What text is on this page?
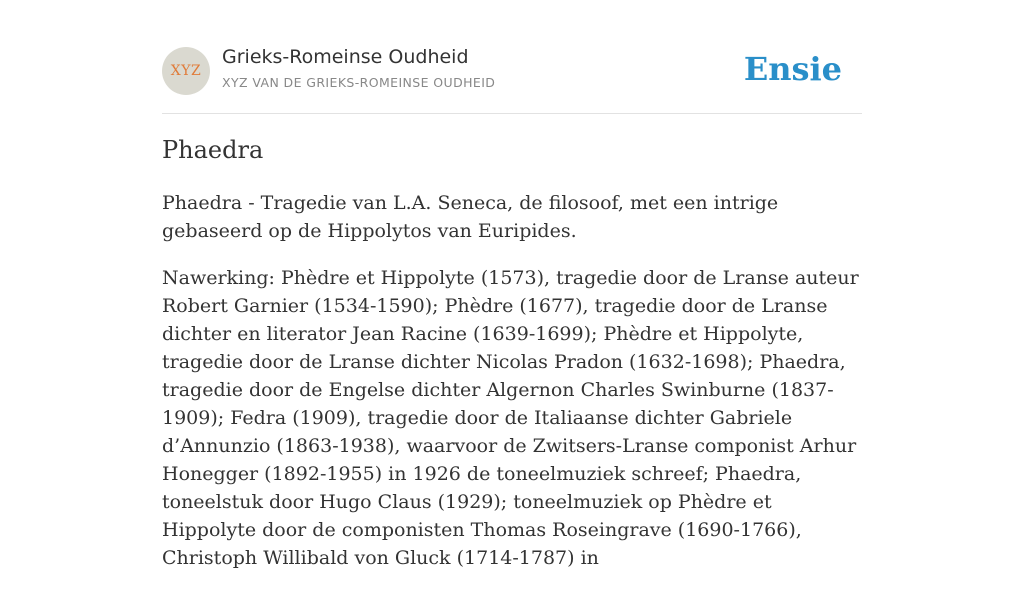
XYZ
Grieks-Romeinse Oudheid
XYZ VAN DE GRIEKS-ROMEINSE OUDHEID	Ensie
Phaedra

Phaedra - Tragedie van L.A. Seneca, de filosoof, met een intrige gebaseerd op de Hippolytos van Euripides.

Nawerking: Phèdre et Hippolyte (1573), tragedie door de Lranse auteur Robert Garnier (1534-1590); Phèdre (1677), tragedie door de Lranse dichter en literator Jean Racine (1639-1699); Phèdre et Hippolyte, tragedie door de Lranse dichter Nicolas Pradon (1632-1698); Phaedra, tragedie door de Engelse dichter Algernon Charles Swinburne (1837-1909); Fedra (1909), tragedie door de Italiaanse dichter Gabriele d’Annunzio (1863-1938), waarvoor de Zwitsers-Lranse componist Arhur Honegger (1892-1955) in 1926 de toneelmuziek schreef; Phaedra, toneelstuk door Hugo Claus (1929); toneelmuziek op Phèdre et Hippolyte door de componisten Thomas Roseingrave (1690-1766), Christoph Willibald von Gluck (1714-1787) in
